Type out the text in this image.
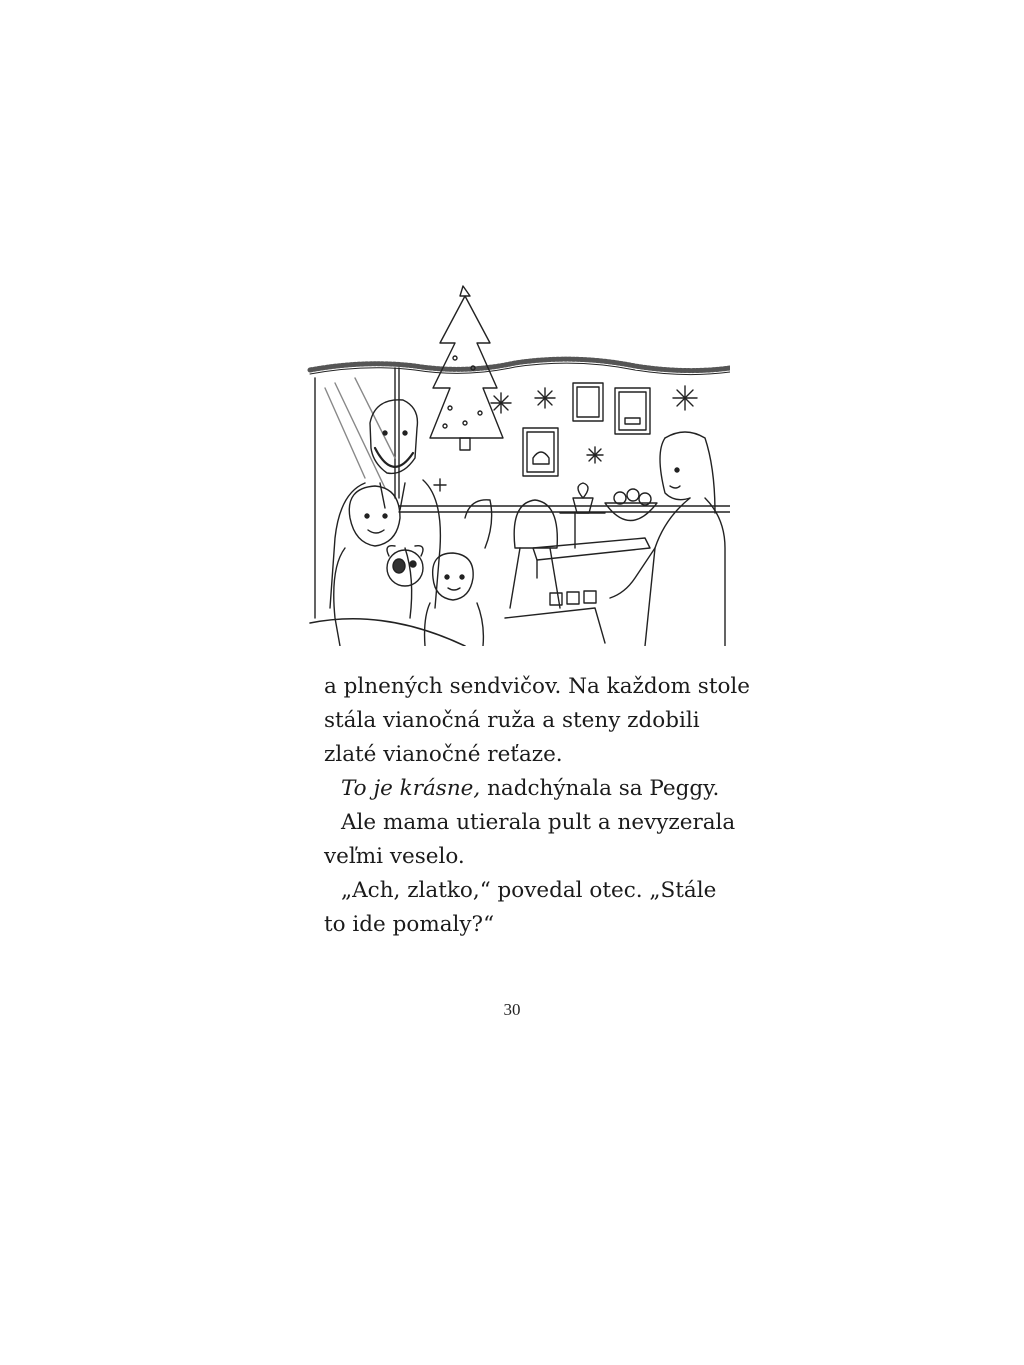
a plnených sendvičov. Na každom stole
stála vianočná ruža a steny zdobili
zlaté vianočné reťaze.
To je krásne, nadchýnala sa Peggy.
Ale mama utierala pult a nevyzerala
veľmi veselo.
„Ach, zlatko,“ povedal otec. „Stále
to ide pomaly?“
30
